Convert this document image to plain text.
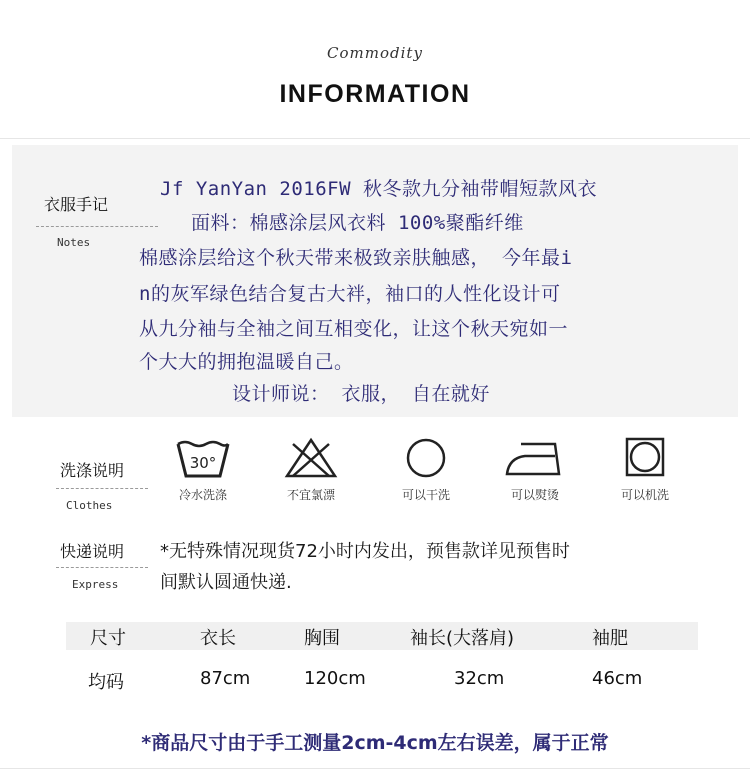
Commodity
INFORMATION
衣服手记
Notes
Jf YanYan 2016FW 秋冬款九分袖带帽短款风衣
面料：棉感涂层风衣料 100%聚酯纤维
棉感涂层给这个秋天带来极致亲肤触感， 今年最i
n的灰军绿色结合复古大袢，袖口的人性化设计可
从九分袖与全袖之间互相变化，让这个秋天宛如一
个大大的拥抱温暖自己。
设计师说： 衣服， 自在就好
洗涤说明
Clothes
30°
冷水洗涤	不宜氯漂	可以干洗	可以熨烫	可以机洗
快递说明
Express
*无特殊情况现货72小时内发出，预售款详见预售时
间默认圆通快递.
尺寸	衣长	胸围	袖长(大落肩)	袖肥
均码	87cm	120cm	32cm	46cm
*商品尺寸由于手工测量2cm-4cm左右误差，属于正常
